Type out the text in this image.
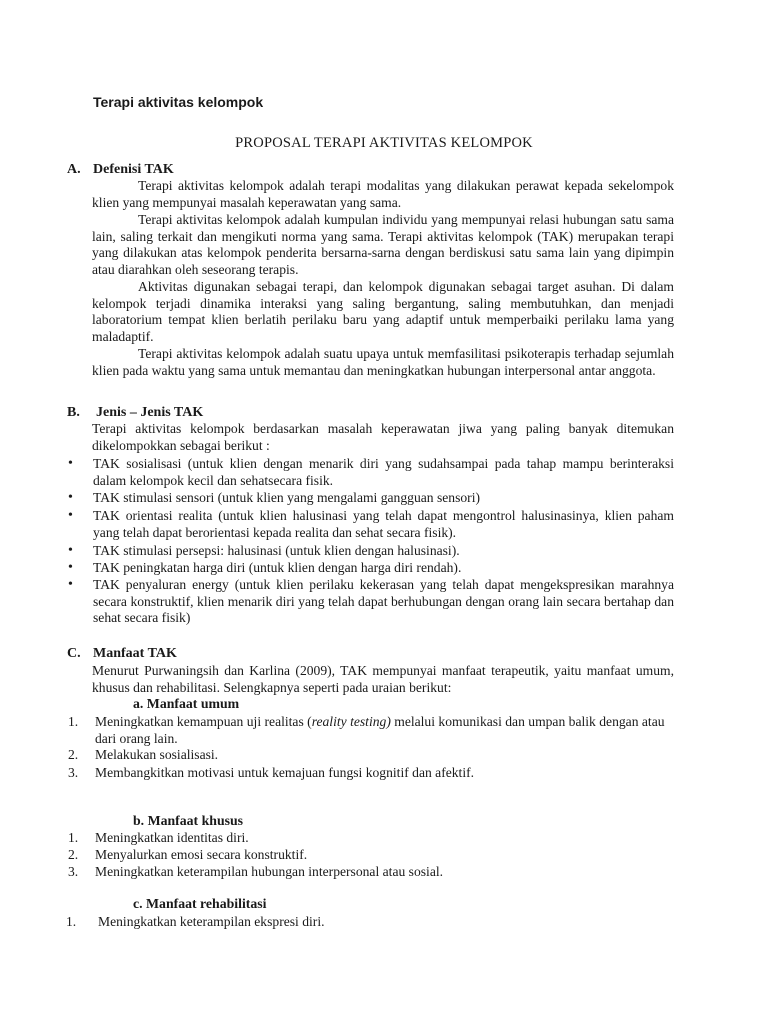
Terapi aktivitas kelompok
PROPOSAL TERAPI AKTIVITAS KELOMPOK
A. Defenisi TAK
Terapi aktivitas kelompok adalah terapi modalitas yang dilakukan perawat kepada sekelompok klien yang mempunyai masalah keperawatan yang sama.
Terapi aktivitas kelompok adalah kumpulan individu yang mempunyai relasi hubungan satu sama lain, saling terkait dan mengikuti norma yang sama. Terapi aktivitas kelompok (TAK) merupakan terapi yang dilakukan atas kelompok penderita bersarna-sarna dengan berdiskusi satu sama lain yang dipimpin atau diarahkan oleh seseorang terapis.
Aktivitas digunakan sebagai terapi, dan kelompok digunakan sebagai target asuhan. Di dalam kelompok terjadi dinamika interaksi yang saling bergantung, saling membutuhkan, dan menjadi laboratorium tempat klien berlatih perilaku baru yang adaptif untuk memperbaiki perilaku lama yang maladaptif.
Terapi aktivitas kelompok adalah suatu upaya untuk memfasilitasi psikoterapis terhadap sejumlah klien pada waktu yang sama untuk memantau dan meningkatkan hubungan interpersonal antar anggota.
B. Jenis – Jenis TAK
Terapi aktivitas kelompok berdasarkan masalah keperawatan jiwa yang paling banyak ditemukan dikelompokkan sebagai berikut :
• TAK sosialisasi (untuk klien dengan menarik diri yang sudahsampai pada tahap mampu berinteraksi dalam kelompok kecil dan sehatsecara fisik.
• TAK stimulasi sensori (untuk klien yang mengalami gangguan sensori)
• TAK orientasi realita (untuk klien halusinasi yang telah dapat mengontrol halusinasinya, klien paham yang telah dapat berorientasi kepada realita dan sehat secara fisik).
• TAK stimulasi persepsi: halusinasi (untuk klien dengan halusinasi).
• TAK peningkatan harga diri (untuk klien dengan harga diri rendah).
• TAK penyaluran energy (untuk klien perilaku kekerasan yang telah dapat mengekspresikan marahnya secara konstruktif, klien menarik diri yang telah dapat berhubungan dengan orang lain secara bertahap dan sehat secara fisik)
C. Manfaat TAK
Menurut Purwaningsih dan Karlina (2009), TAK mempunyai manfaat terapeutik, yaitu manfaat umum, khusus dan rehabilitasi. Selengkapnya seperti pada uraian berikut:
a. Manfaat umum
1. Meningkatkan kemampuan uji realitas (reality testing) melalui komunikasi dan umpan balik dengan atau dari orang lain.
2. Melakukan sosialisasi.
3. Membangkitkan motivasi untuk kemajuan fungsi kognitif dan afektif.
b. Manfaat khusus
1. Meningkatkan identitas diri.
2. Menyalurkan emosi secara konstruktif.
3. Meningkatkan keterampilan hubungan interpersonal atau sosial.
c. Manfaat rehabilitasi
1. Meningkatkan keterampilan ekspresi diri.
